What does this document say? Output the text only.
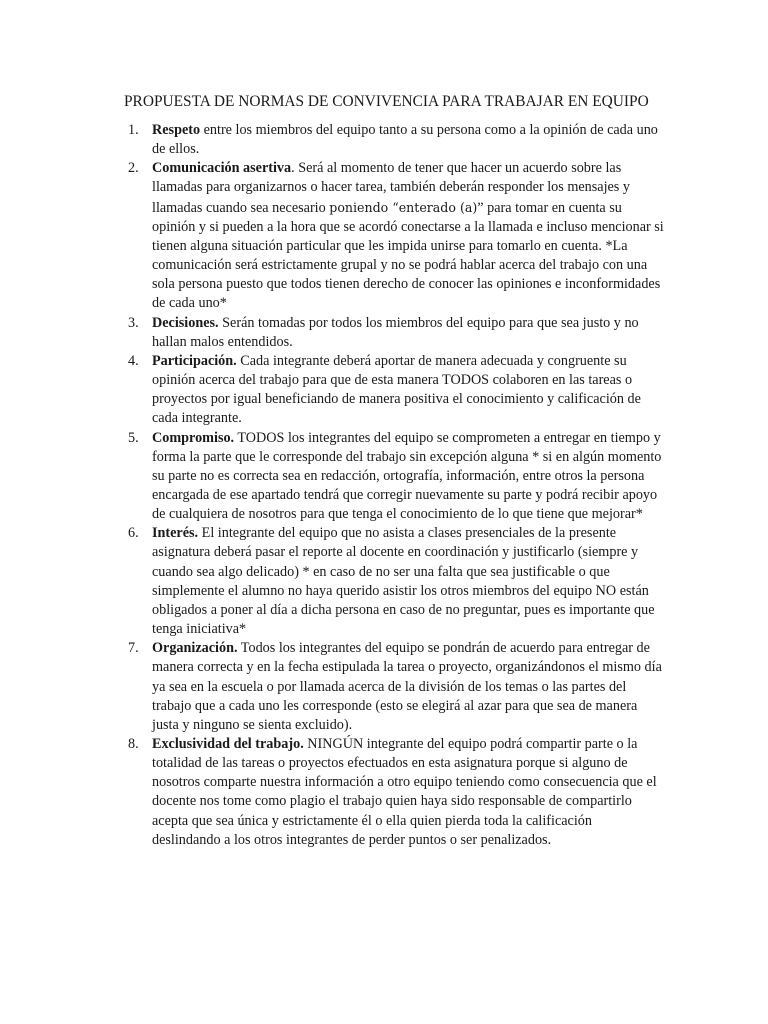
PROPUESTA DE NORMAS DE CONVIVENCIA PARA TRABAJAR EN EQUIPO
1. Respeto entre los miembros del equipo tanto a su persona como a la opinión de cada uno de ellos.
2. Comunicación asertiva. Será al momento de tener que hacer un acuerdo sobre las llamadas para organizarnos o hacer tarea, también deberán responder los mensajes y llamadas cuando sea necesario poniendo “enterado (a)” para tomar en cuenta su opinión y si pueden a la hora que se acordó conectarse a la llamada e incluso mencionar si tienen alguna situación particular que les impida unirse para tomarlo en cuenta. *La comunicación será estrictamente grupal y no se podrá hablar acerca del trabajo con una sola persona puesto que todos tienen derecho de conocer las opiniones e inconformidades de cada uno*
3. Decisiones. Serán tomadas por todos los miembros del equipo para que sea justo y no hallan malos entendidos.
4. Participación. Cada integrante deberá aportar de manera adecuada y congruente su opinión acerca del trabajo para que de esta manera TODOS colaboren en las tareas o proyectos por igual beneficiando de manera positiva el conocimiento y calificación de cada integrante.
5. Compromiso. TODOS los integrantes del equipo se comprometen a entregar en tiempo y forma la parte que le corresponde del trabajo sin excepción alguna * si en algún momento su parte no es correcta sea en redacción, ortografía, información, entre otros la persona encargada de ese apartado tendrá que corregir nuevamente su parte y podrá recibir apoyo de cualquiera de nosotros para que tenga el conocimiento de lo que tiene que mejorar*
6. Interés. El integrante del equipo que no asista a clases presenciales de la presente asignatura deberá pasar el reporte al docente en coordinación y justificarlo (siempre y cuando sea algo delicado) * en caso de no ser una falta que sea justificable o que simplemente el alumno no haya querido asistir los otros miembros del equipo NO están obligados a poner al día a dicha persona en caso de no preguntar, pues es importante que tenga iniciativa*
7. Organización. Todos los integrantes del equipo se pondrán de acuerdo para entregar de manera correcta y en la fecha estipulada la tarea o proyecto, organizándonos el mismo día ya sea en la escuela o por llamada acerca de la división de los temas o las partes del trabajo que a cada uno les corresponde (esto se elegirá al azar para que sea de manera justa y ninguno se sienta excluido).
8. Exclusividad del trabajo. NINGÚN integrante del equipo podrá compartir parte o la totalidad de las tareas o proyectos efectuados en esta asignatura porque si alguno de nosotros comparte nuestra información a otro equipo teniendo como consecuencia que el docente nos tome como plagio el trabajo quien haya sido responsable de compartirlo acepta que sea única y estrictamente él o ella quien pierda toda la calificación deslindando a los otros integrantes de perder puntos o ser penalizados.
